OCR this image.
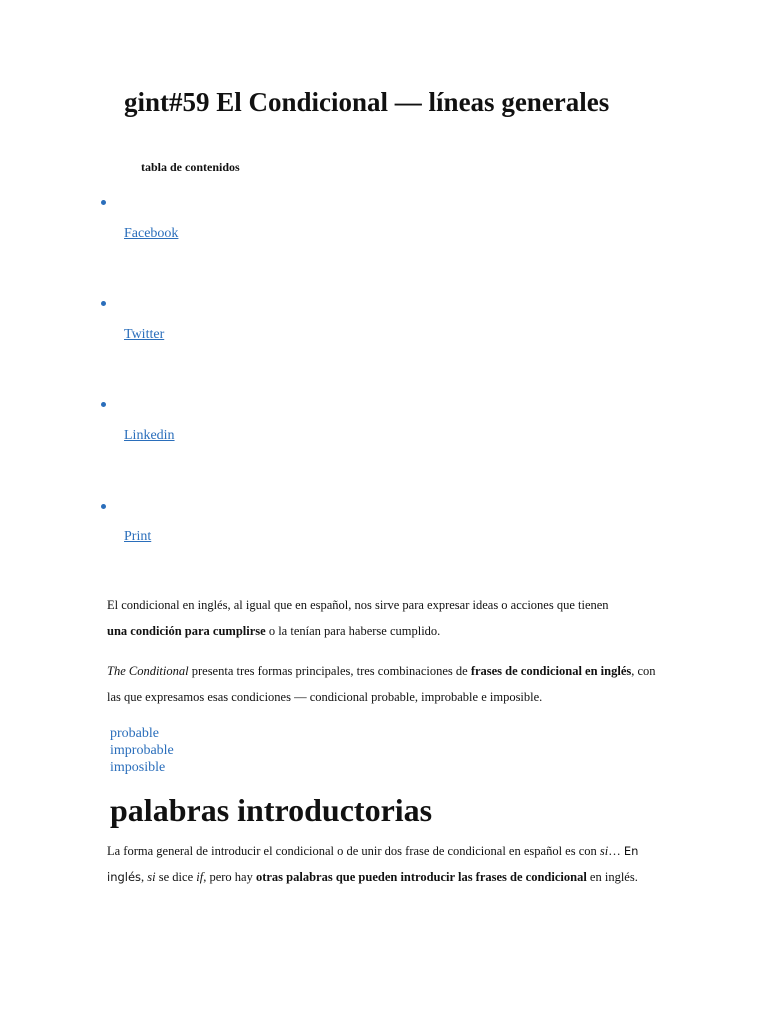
gint#59 El Condicional — líneas generales
tabla de contenidos
Facebook
Twitter
Linkedin
Print

El condicional en inglés, al igual que en español, nos sirve para expresar ideas o acciones que tienen
una condición para cumplirse o la tenían para haberse cumplido.

The Conditional presenta tres formas principales, tres combinaciones de frases de condicional en inglés, con las que expresamos esas condiciones — condicional probable, improbable e imposible.

probable
improbable
imposible
palabras introductorias

La forma general de introducir el condicional o de unir dos frase de condicional en español es con si… En inglés, si se dice if, pero hay otras palabras que pueden introducir las frases de condicional en inglés.
